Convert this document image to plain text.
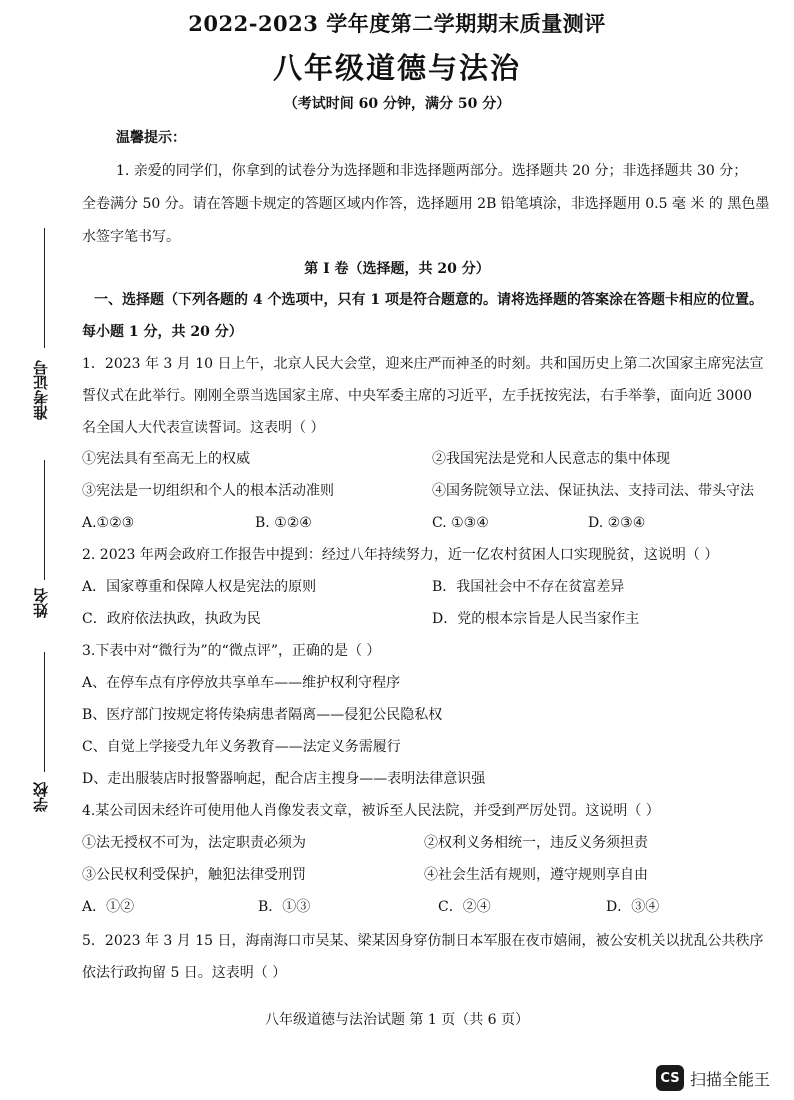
2022-2023 学年度第二学期期末质量测评
八年级道德与法治
（考试时间 60 分钟，满分 50 分）
温馨提示：
1. 亲爱的同学们，你拿到的试卷分为选择题和非选择题两部分。选择题共 20 分；非选择题共 30 分；
全卷满分 50 分。请在答题卡规定的答题区域内作答，选择题用 2B 铅笔填涂，非选择题用 0.5 毫 米 的 黑色墨
水签字笔书写。
第 I 卷（选择题，共 20 分）
一、选择题（下列各题的 4 个选项中，只有 1 项是符合题意的。请将选择题的答案涂在答题卡相应的位置。
每小题 1 分，共 20 分）
1．2023 年 3 月 10 日上午，北京人民大会堂，迎来庄严而神圣的时刻。共和国历史上第二次国家主席宪法宣
誓仪式在此举行。刚刚全票当选国家主席、中央军委主席的习近平，左手抚按宪法，右手举拳，面向近 3000
名全国人大代表宣读誓词。这表明（ ）
①宪法具有至高无上的权威	②我国宪法是党和人民意志的集中体现
③宪法是一切组织和个人的根本活动准则	④国务院领导立法、保证执法、支持司法、带头守法
A.①②③	B. ①②④	C. ①③④	D. ②③④
2. 2023 年两会政府工作报告中提到：经过八年持续努力，近一亿农村贫困人口实现脱贫，这说明（ ）
A．国家尊重和保障人权是宪法的原则	B．我国社会中不存在贫富差异
C．政府依法执政，执政为民	D．党的根本宗旨是人民当家作主
3.下表中对“微行为”的“微点评”，正确的是（ ）
A、在停车点有序停放共享单车——维护权利守程序
B、医疗部门按规定将传染病患者隔离——侵犯公民隐私权
C、自觉上学接受九年义务教育——法定义务需履行
D、走出服装店时报警器响起，配合店主搜身——表明法律意识强
4.某公司因未经许可使用他人肖像发表文章，被诉至人民法院，并受到严厉处罚。这说明（ ）
①法无授权不可为，法定职责必须为	②权利义务相统一，违反义务须担责
③公民权利受保护，触犯法律受刑罚	④社会生活有规则，遵守规则享自由
A．①②	B．①③	C．②④	D．③④
5．2023 年 3 月 15 日，海南海口市吴某、梁某因身穿仿制日本军服在夜市嬉闹，被公安机关以扰乱公共秩序
依法行政拘留 5 日。这表明（ ）
准考证号
姓名
学校
八年级道德与法治试题 第 1 页（共 6 页）
CS 扫描全能王
